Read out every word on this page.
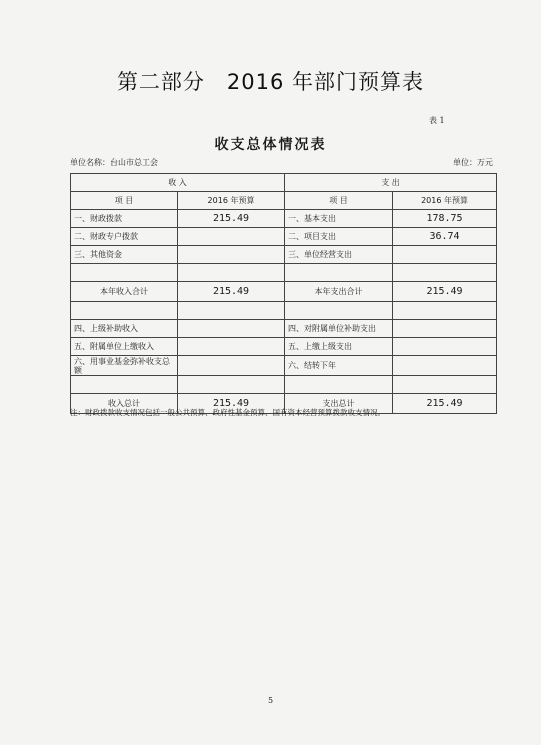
第二部分　2016 年部门预算表
表 1
收支总体情况表
单位名称：台山市总工会	单位：万元
收 入		支 出	
项 目	2016 年预算	项 目	2016 年预算
一、财政拨款	215.49	一、基本支出	178.75
二、财政专户拨款		二、项目支出	36.74
三、其他资金		三、单位经营支出	

本年收入合计	215.49	本年支出合计	215.49

四、上级补助收入		四、对附属单位补助支出	
五、附属单位上缴收入		五、上缴上级支出	
六、用事业基金弥补收支总额		六、结转下年	

收入总计	215.49	支出总计	215.49
注：财政拨款收支情况包括一般公共预算、政府性基金预算、国有资本经营预算拨款收支情况。
5
